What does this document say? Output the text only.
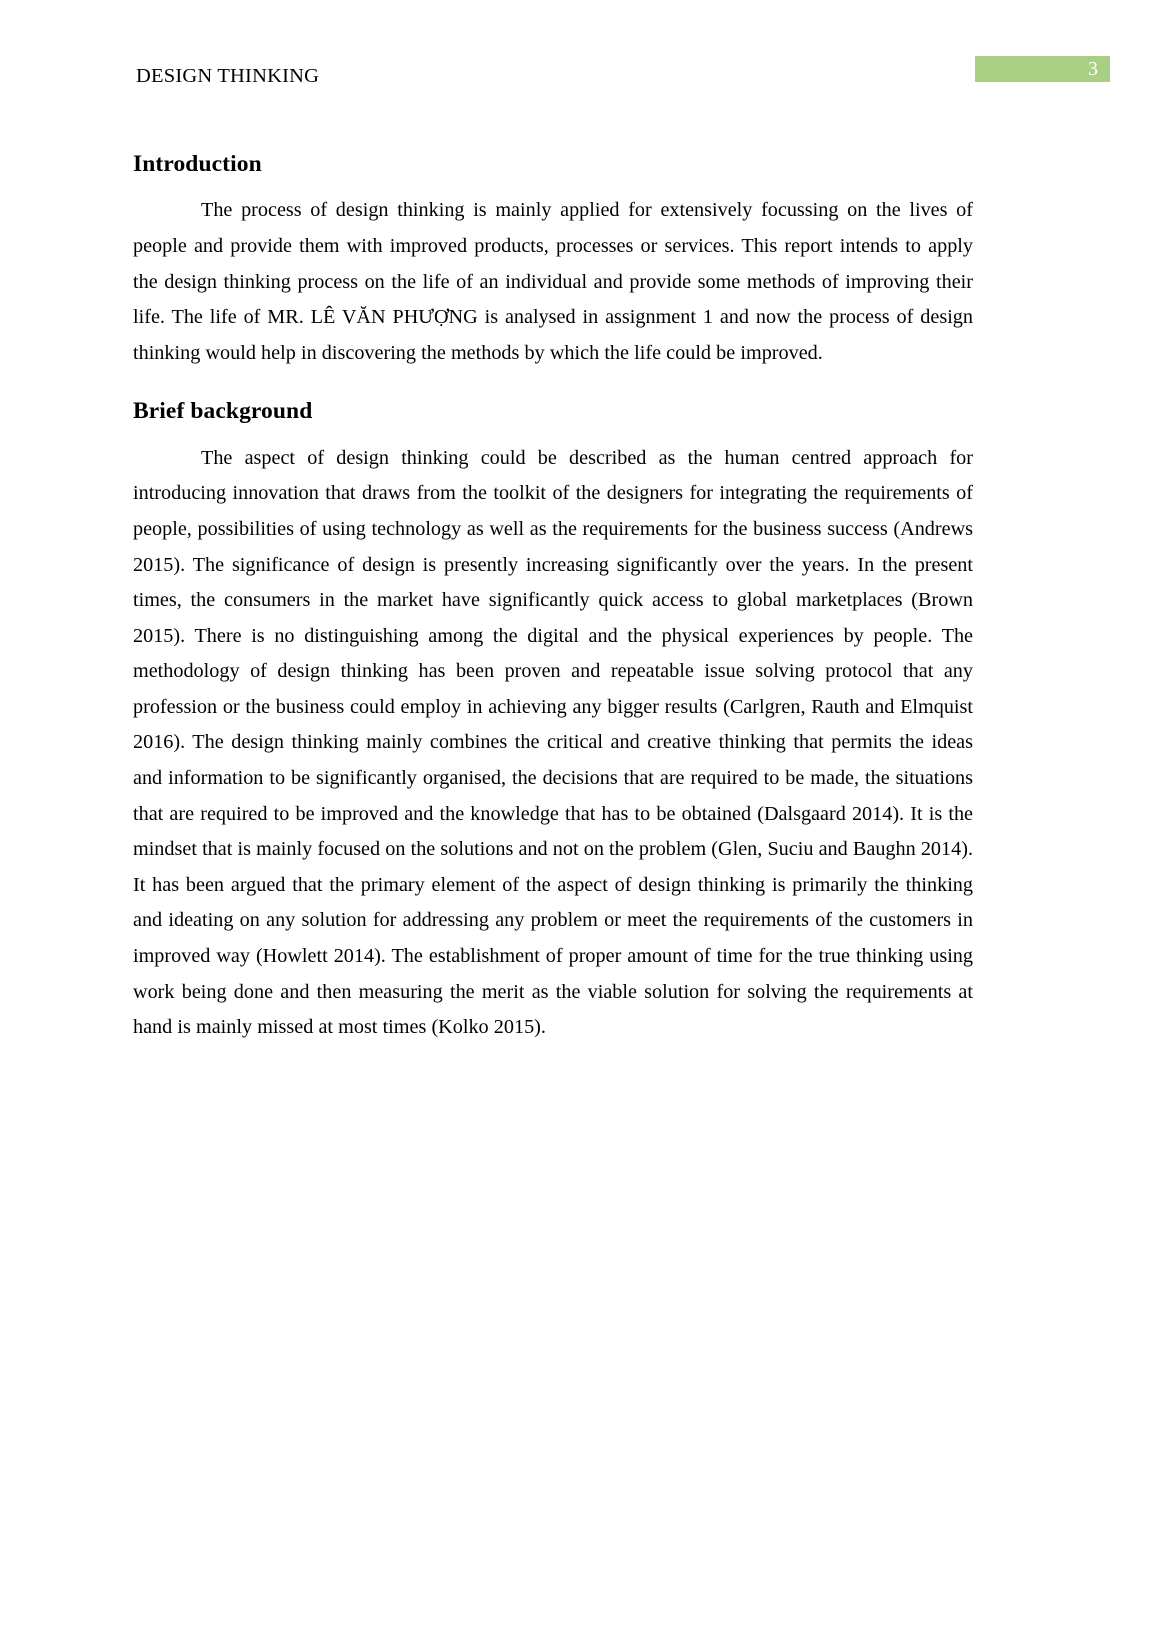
DESIGN THINKING	3
Introduction

The process of design thinking is mainly applied for extensively focussing on the lives of people and provide them with improved products, processes or services. This report intends to apply the design thinking process on the life of an individual and provide some methods of improving their life. The life of MR. LÊ VĂN PHƯỢNG is analysed in assignment 1 and now the process of design thinking would help in discovering the methods by which the life could be improved.

Brief background

The aspect of design thinking could be described as the human centred approach for introducing innovation that draws from the toolkit of the designers for integrating the requirements of people, possibilities of using technology as well as the requirements for the business success (Andrews 2015). The significance of design is presently increasing significantly over the years. In the present times, the consumers in the market have significantly quick access to global marketplaces (Brown 2015). There is no distinguishing among the digital and the physical experiences by people. The methodology of design thinking has been proven and repeatable issue solving protocol that any profession or the business could employ in achieving any bigger results (Carlgren, Rauth and Elmquist 2016). The design thinking mainly combines the critical and creative thinking that permits the ideas and information to be significantly organised, the decisions that are required to be made, the situations that are required to be improved and the knowledge that has to be obtained (Dalsgaard 2014). It is the mindset that is mainly focused on the solutions and not on the problem (Glen, Suciu and Baughn 2014). It has been argued that the primary element of the aspect of design thinking is primarily the thinking and ideating on any solution for addressing any problem or meet the requirements of the customers in improved way (Howlett 2014). The establishment of proper amount of time for the true thinking using work being done and then measuring the merit as the viable solution for solving the requirements at hand is mainly missed at most times (Kolko 2015).
